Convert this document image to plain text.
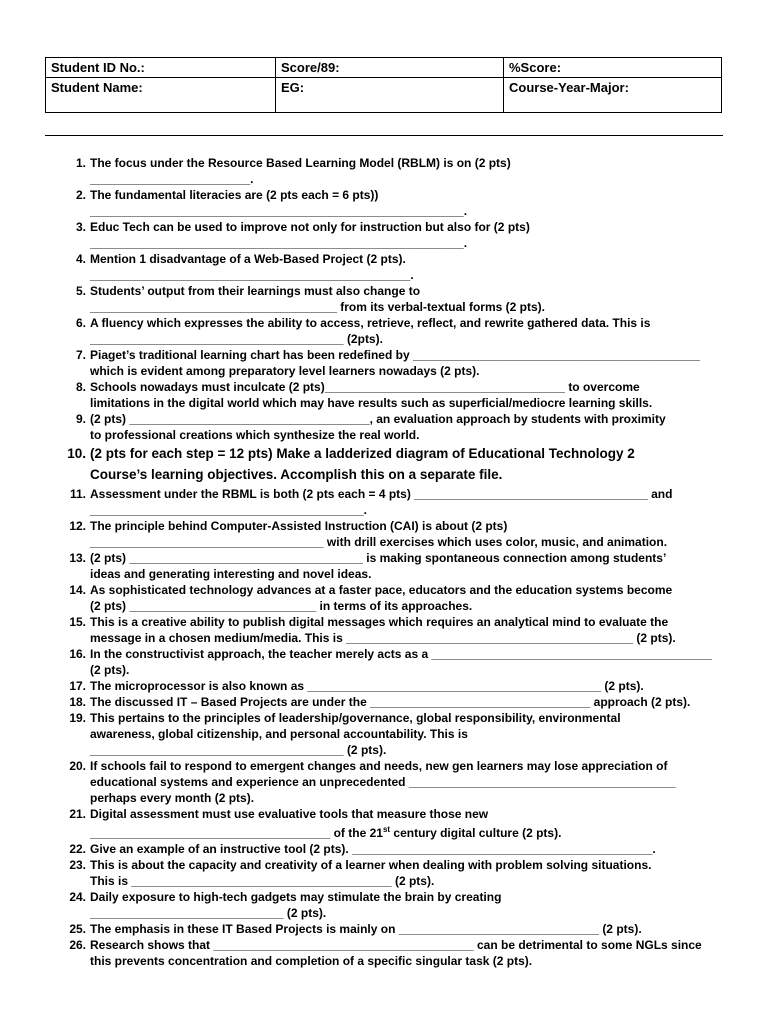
Student ID No.:	Score/89:	%Score:
Student Name:	EG:	Course-Year-Major:
1. The focus under the Resource Based Learning Model (RBLM) is on (2 pts)
________________________.
2. The fundamental literacies are (2 pts each = 6 pts))
________________________________________________________.
3. Educ Tech can be used to improve not only for instruction but also for (2 pts)
________________________________________________________.
4. Mention 1 disadvantage of a Web-Based Project (2 pts).
________________________________________________.
5. Students’ output from their learnings must also change to
_____________________________________ from its verbal-textual forms (2 pts).
6. A fluency which expresses the ability to access, retrieve, reflect, and rewrite gathered data. This is
______________________________________ (2pts).
7. Piaget’s traditional learning chart has been redefined by ___________________________________________
which is evident among preparatory level learners nowadays (2 pts).
8. Schools nowadays must inculcate (2 pts)____________________________________ to overcome
limitations in the digital world which may have results such as superficial/mediocre learning skills.
9. (2 pts) ____________________________________, an evaluation approach by students with proximity
to professional creations which synthesize the real world.
10. (2 pts for each step = 12 pts) Make a ladderized diagram of Educational Technology 2
Course’s learning objectives. Accomplish this on a separate file.
11. Assessment under the RBML is both (2 pts each = 4 pts) ___________________________________ and
_________________________________________.
12. The principle behind Computer-Assisted Instruction (CAI) is about (2 pts)
___________________________________ with drill exercises which uses color, music, and animation.
13. (2 pts) ___________________________________ is making spontaneous connection among students’
ideas and generating interesting and novel ideas.
14. As sophisticated technology advances at a faster pace, educators and the education systems become
(2 pts) ____________________________ in terms of its approaches.
15. This is a creative ability to publish digital messages which requires an analytical mind to evaluate the
message in a chosen medium/media. This is ___________________________________________ (2 pts).
16. In the constructivist approach, the teacher merely acts as a __________________________________________
(2 pts).
17. The microprocessor is also known as ____________________________________________ (2 pts).
18. The discussed IT – Based Projects are under the _________________________________ approach (2 pts).
19. This pertains to the principles of leadership/governance, global responsibility, environmental
awareness, global citizenship, and personal accountability. This is
______________________________________ (2 pts).
20. If schools fail to respond to emergent changes and needs, new gen learners may lose appreciation of
educational systems and experience an unprecedented ________________________________________
perhaps every month (2 pts).
21. Digital assessment must use evaluative tools that measure those new
____________________________________ of the 21st century digital culture (2 pts).
22. Give an example of an instructive tool (2 pts). _____________________________________________.
23. This is about the capacity and creativity of a learner when dealing with problem solving situations.
This is _______________________________________ (2 pts).
24. Daily exposure to high-tech gadgets may stimulate the brain by creating
_____________________________ (2 pts).
25. The emphasis in these IT Based Projects is mainly on ______________________________ (2 pts).
26. Research shows that _______________________________________ can be detrimental to some NGLs since
this prevents concentration and completion of a specific singular task (2 pts).
